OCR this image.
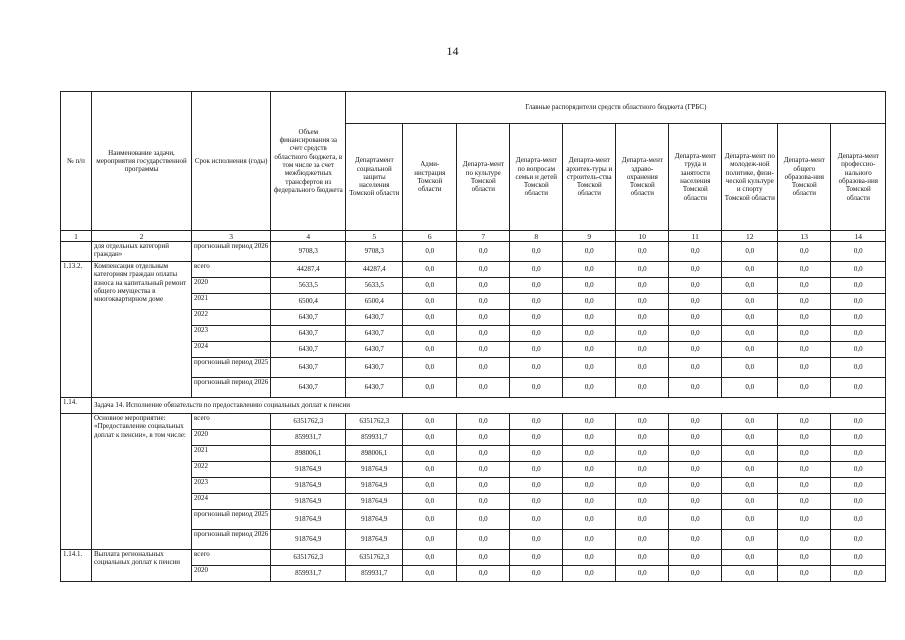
14
№ п/п	Наименование задачи, мероприятия государственной программы	Срок исполнения (годы)	Объем финансирования за счет средств областного бюджета, в том числе за счет межбюджетных трансфертов из федерального бюджета	Главные распорядители средств областного бюджета (ГРБС)									
				Департамент социальной защиты населения Томской области	Адми-нистрация Томской области	Департа-мент по культуре Томской области	Департа-мент по вопросам семьи и детей Томской области	Департа-мент архитек-туры и строитель-ства Томской области	Департа-мент здраво-охранения Томской области	Департа-мент труда и занятости населения Томской области	Департа-мент по молодеж-ной политике, физи-ческой культуре и спорту Томской области	Департа-мент общего образова-ния Томской области	Департа-мент профессио-нального образова-ния Томской области
1	2	3	4	5	6	7	8	9	10	11	12	13	14
	для отдельных категорий граждан»	прогнозный период 2026	9708,3	9708,3	0,0	0,0	0,0	0,0	0,0	0,0	0,0	0,0	0,0
1.13.2.	Компенсация отдельным категориям граждан оплаты взноса на капитальный ремонт общего имущества в многоквартирном доме	всего	44287,4	44287,4	0,0	0,0	0,0	0,0	0,0	0,0	0,0	0,0	0,0
		2020	5633,5	5633,5	0,0	0,0	0,0	0,0	0,0	0,0	0,0	0,0	0,0
		2021	6500,4	6500,4	0,0	0,0	0,0	0,0	0,0	0,0	0,0	0,0	0,0
		2022	6430,7	6430,7	0,0	0,0	0,0	0,0	0,0	0,0	0,0	0,0	0,0
		2023	6430,7	6430,7	0,0	0,0	0,0	0,0	0,0	0,0	0,0	0,0	0,0
		2024	6430,7	6430,7	0,0	0,0	0,0	0,0	0,0	0,0	0,0	0,0	0,0
		прогнозный период 2025	6430,7	6430,7	0,0	0,0	0,0	0,0	0,0	0,0	0,0	0,0	0,0
		прогнозный период 2026	6430,7	6430,7	0,0	0,0	0,0	0,0	0,0	0,0	0,0	0,0	0,0
1.14.	Задача 14. Исполнение обязательств по предоставлению социальных доплат к пенсии												
	Основное мероприятие: «Предоставление социальных доплат к пенсии», в том числе:	всего	6351762,3	6351762,3	0,0	0,0	0,0	0,0	0,0	0,0	0,0	0,0	0,0
		2020	859931,7	859931,7	0,0	0,0	0,0	0,0	0,0	0,0	0,0	0,0	0,0
		2021	898006,1	898006,1	0,0	0,0	0,0	0,0	0,0	0,0	0,0	0,0	0,0
		2022	918764,9	918764,9	0,0	0,0	0,0	0,0	0,0	0,0	0,0	0,0	0,0
		2023	918764,9	918764,9	0,0	0,0	0,0	0,0	0,0	0,0	0,0	0,0	0,0
		2024	918764,9	918764,9	0,0	0,0	0,0	0,0	0,0	0,0	0,0	0,0	0,0
		прогнозный период 2025	918764,9	918764,9	0,0	0,0	0,0	0,0	0,0	0,0	0,0	0,0	0,0
		прогнозный период 2026	918764,9	918764,9	0,0	0,0	0,0	0,0	0,0	0,0	0,0	0,0	0,0
1.14.1.	Выплата региональных социальных доплат к пенсии	всего	6351762,3	6351762,3	0,0	0,0	0,0	0,0	0,0	0,0	0,0	0,0	0,0
		2020	859931,7	859931,7	0,0	0,0	0,0	0,0	0,0	0,0	0,0	0,0	0,0
